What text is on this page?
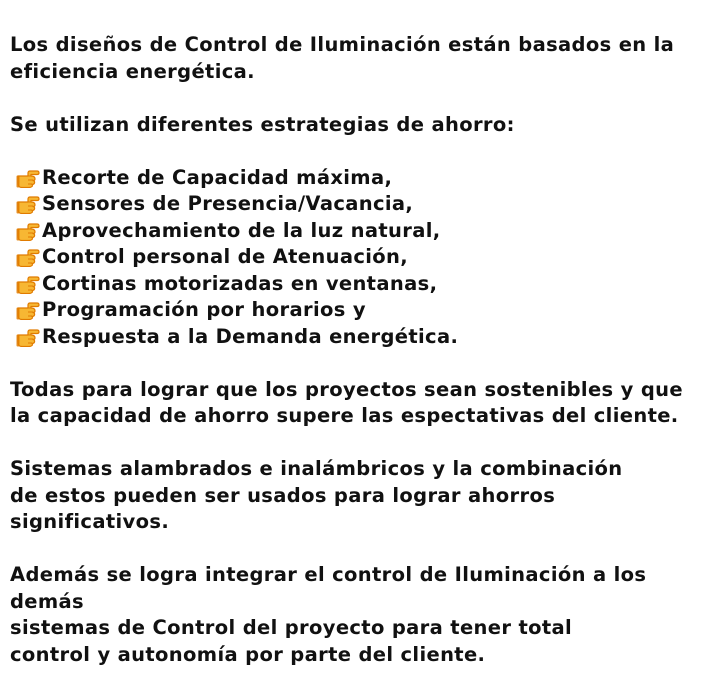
Los diseños de Control de Iluminación están basados en la
eficiencia energética.

Se utilizan diferentes estrategias de ahorro:

Recorte de Capacidad máxima,
Sensores de Presencia/Vacancia,
Aprovechamiento de la luz natural,
Control personal de Atenuación,
Cortinas motorizadas en ventanas,
Programación por horarios y
Respuesta a la Demanda energética.

Todas para lograr que los proyectos sean sostenibles y que
la capacidad de ahorro supere las espectativas del cliente.

Sistemas alambrados e inalámbricos y la combinación
de estos pueden ser usados para lograr ahorros significativos.

Además se logra integrar el control de Iluminación a los demás
sistemas de Control del proyecto para tener total
control y autonomía por parte del cliente.
